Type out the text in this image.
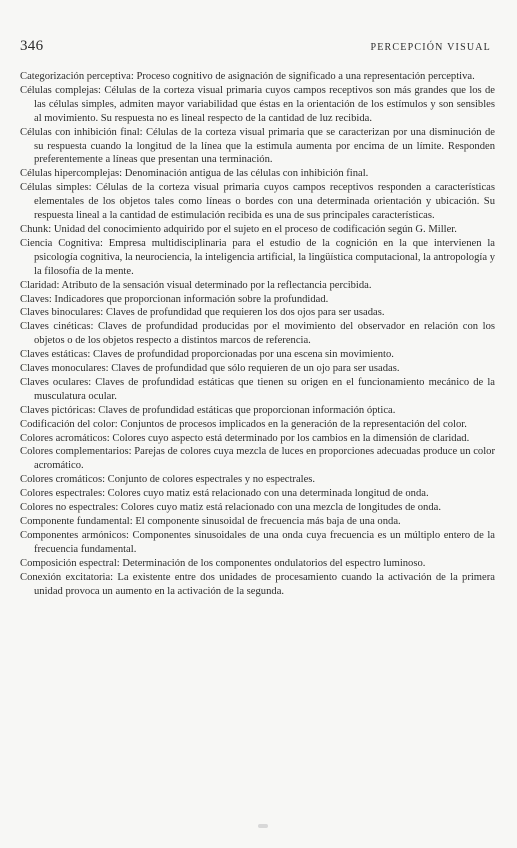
346	PERCEPCIÓN VISUAL

Categorización perceptiva: Proceso cognitivo de asignación de significado a una representación perceptiva.

Células complejas: Células de la corteza visual primaria cuyos campos receptivos son más grandes que los de las células simples, admiten mayor variabilidad que éstas en la orientación de los estímulos y son sensibles al movimiento. Su respuesta no es lineal respecto de la cantidad de luz recibida.

Células con inhibición final: Células de la corteza visual primaria que se caracterizan por una disminución de su respuesta cuando la longitud de la línea que la estimula aumenta por encima de un límite. Responden preferentemente a líneas que presentan una terminación.

Células hipercomplejas: Denominación antigua de las células con inhibición final.

Células simples: Células de la corteza visual primaria cuyos campos receptivos responden a características elementales de los objetos tales como líneas o bordes con una determinada orientación y ubicación. Su respuesta lineal a la cantidad de estimulación recibida es una de sus principales características.

Chunk: Unidad del conocimiento adquirido por el sujeto en el proceso de codificación según G. Miller.

Ciencia Cognitiva: Empresa multidisciplinaria para el estudio de la cognición en la que intervienen la psicología cognitiva, la neurociencia, la inteligencia artificial, la lingüística computacional, la antropología y la filosofía de la mente.

Claridad: Atributo de la sensación visual determinado por la reflectancia percibida.

Claves: Indicadores que proporcionan información sobre la profundidad.

Claves binoculares: Claves de profundidad que requieren los dos ojos para ser usadas.

Claves cinéticas: Claves de profundidad producidas por el movimiento del observador en relación con los objetos o de los objetos respecto a distintos marcos de referencia.

Claves estáticas: Claves de profundidad proporcionadas por una escena sin movimiento.

Claves monoculares: Claves de profundidad que sólo requieren de un ojo para ser usadas.

Claves oculares: Claves de profundidad estáticas que tienen su origen en el funcionamiento mecánico de la musculatura ocular.

Claves pictóricas: Claves de profundidad estáticas que proporcionan información óptica.

Codificación del color: Conjuntos de procesos implicados en la generación de la representación del color.

Colores acromáticos: Colores cuyo aspecto está determinado por los cambios en la dimensión de claridad.

Colores complementarios: Parejas de colores cuya mezcla de luces en proporciones adecuadas produce un color acromático.

Colores cromáticos: Conjunto de colores espectrales y no espectrales.

Colores espectrales: Colores cuyo matiz está relacionado con una determinada longitud de onda.

Colores no espectrales: Colores cuyo matiz está relacionado con una mezcla de longitudes de onda.

Componente fundamental: El componente sinusoidal de frecuencia más baja de una onda.

Componentes armónicos: Componentes sinusoidales de una onda cuya frecuencia es un múltiplo entero de la frecuencia fundamental.

Composición espectral: Determinación de los componentes ondulatorios del espectro luminoso.

Conexión excitatoria: La existente entre dos unidades de procesamiento cuando la activación de la primera unidad provoca un aumento en la activación de la segunda.
